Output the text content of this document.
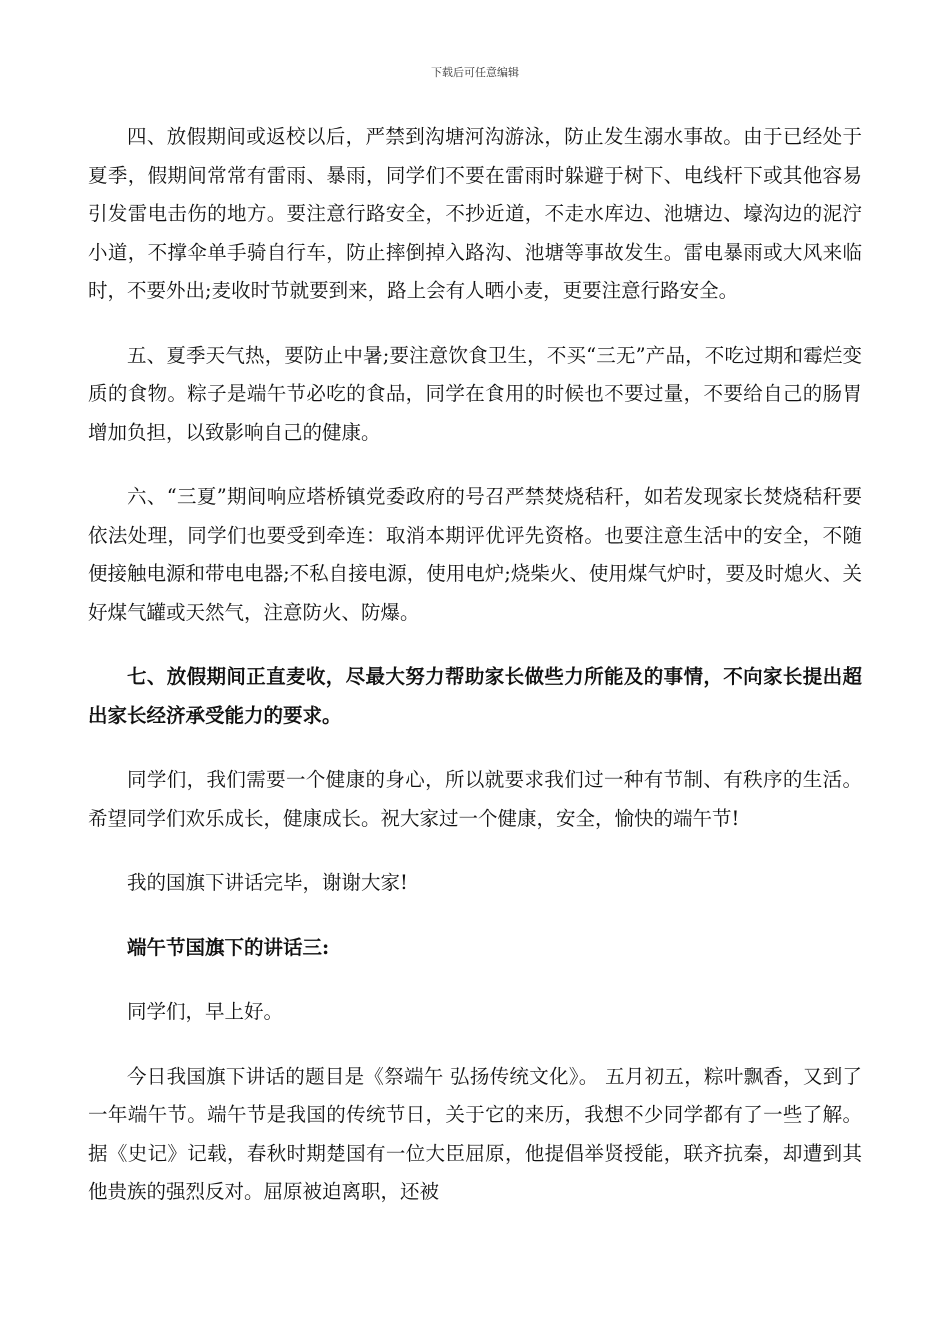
下载后可任意编辑

四、放假期间或返校以后，严禁到沟塘河沟游泳，防止发生溺水事故。由于已经处于夏季，假期间常常有雷雨、暴雨，同学们不要在雷雨时躲避于树下、电线杆下或其他容易引发雷电击伤的地方。要注意行路安全，不抄近道，不走水库边、池塘边、壕沟边的泥泞小道，不撑伞单手骑自行车，防止摔倒掉入路沟、池塘等事故发生。雷电暴雨或大风来临时，不要外出;麦收时节就要到来，路上会有人晒小麦，更要注意行路安全。

五、夏季天气热，要防止中暑;要注意饮食卫生，不买“三无”产品，不吃过期和霉烂变质的食物。粽子是端午节必吃的食品，同学在食用的时候也不要过量，不要给自己的肠胃增加负担，以致影响自己的健康。

六、“三夏”期间响应塔桥镇党委政府的号召严禁焚烧秸秆，如若发现家长焚烧秸秆要依法处理，同学们也要受到牵连：取消本期评优评先资格。也要注意生活中的安全，不随便接触电源和带电电器;不私自接电源，使用电炉;烧柴火、使用煤气炉时，要及时熄火、关好煤气罐或天然气，注意防火、防爆。

七、放假期间正直麦收，尽最大努力帮助家长做些力所能及的事情，不向家长提出超出家长经济承受能力的要求。

同学们，我们需要一个健康的身心，所以就要求我们过一种有节制、有秩序的生活。希望同学们欢乐成长，健康成长。祝大家过一个健康，安全，愉快的端午节!

我的国旗下讲话完毕，谢谢大家!

端午节国旗下的讲话三:

同学们，早上好。

今日我国旗下讲话的题目是《祭端午 弘扬传统文化》。 五月初五，粽叶飘香，又到了一年端午节。端午节是我国的传统节日，关于它的来历，我想不少同学都有了一些了解。 据《史记》记载，春秋时期楚国有一位大臣屈原，他提倡举贤授能，联齐抗秦，却遭到其他贵族的强烈反对。屈原被迫离职，还被
